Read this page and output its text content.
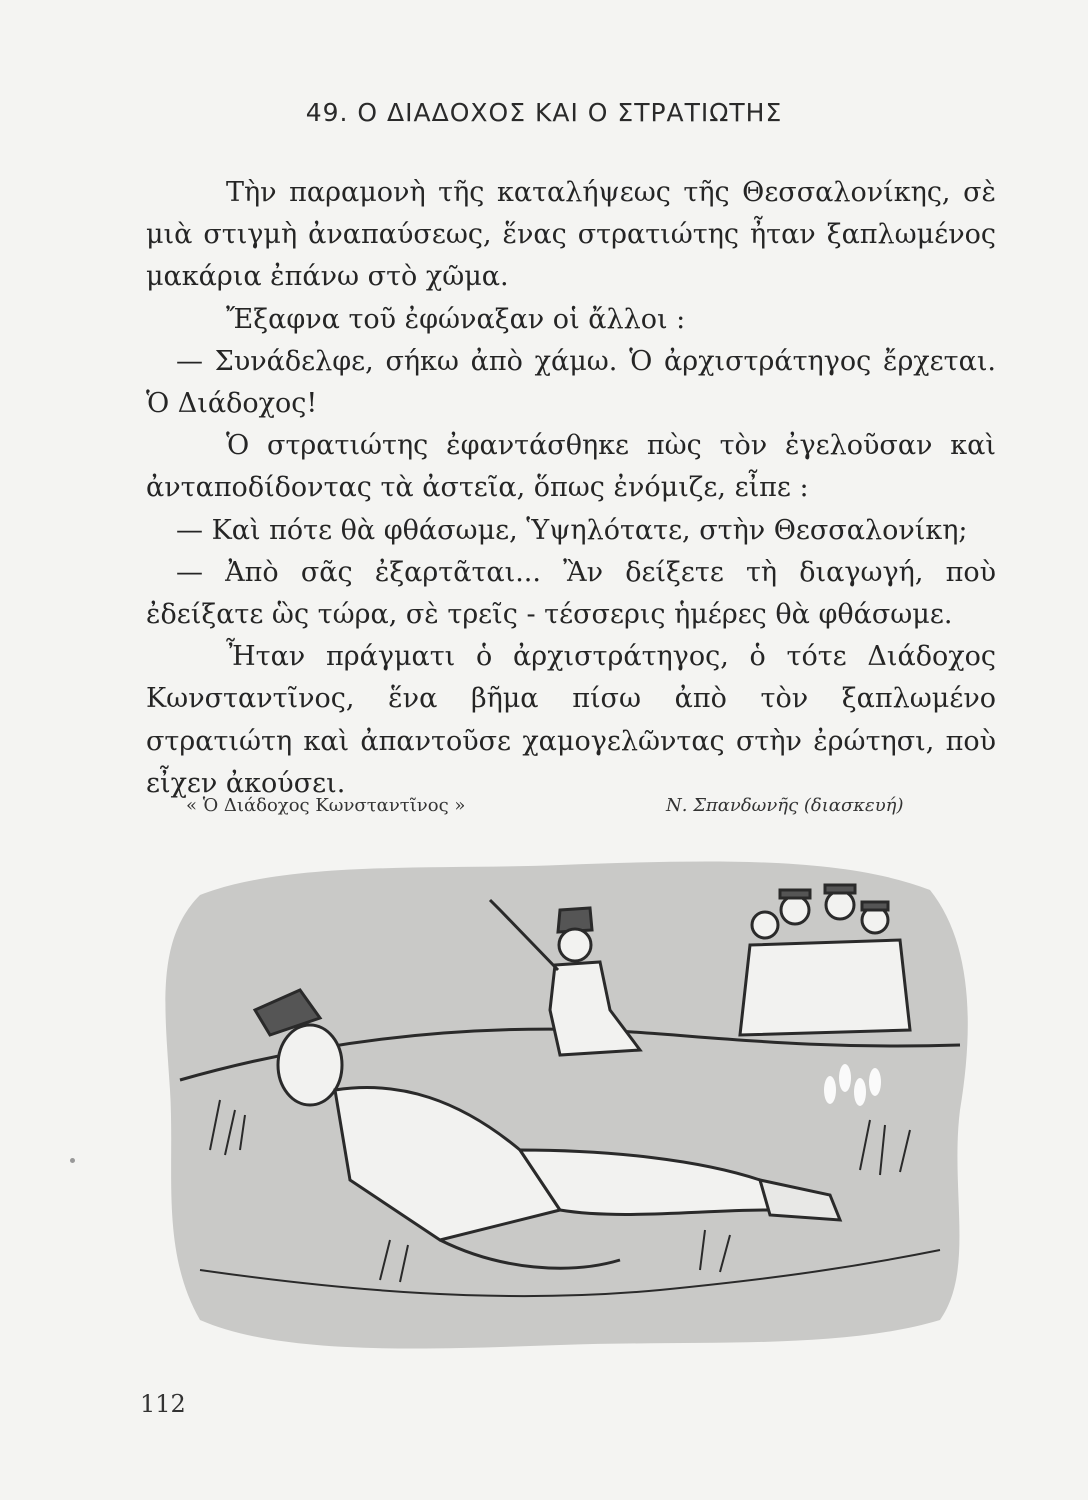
49. Ο ΔΙΑΔΟΧΟΣ ΚΑΙ Ο ΣΤΡΑΤΙΩΤΗΣ

Τὴν παραμονὴ τῆς καταλήψεως τῆς Θεσσαλονίκης, σὲ μιὰ στιγμὴ ἀναπαύσεως, ἕνας στρατιώτης ἦταν ξαπλωμένος μακάρια ἐπάνω στὸ χῶμα.

Ἔξαφνα τοῦ ἐφώναξαν οἱ ἄλλοι :

— Συνάδελφε, σήκω ἀπὸ χάμω. Ὁ ἀρχιστράτηγος ἔρχεται. Ὁ Διάδοχος!

Ὁ στρατιώτης ἐφαντάσθηκε πὼς τὸν ἐγελοῦσαν καὶ ἀνταποδίδοντας τὰ ἀστεῖα, ὅπως ἐνόμιζε, εἶπε :

— Καὶ πότε θὰ φθάσωμε, Ὑψηλότατε, στὴν Θεσσαλονίκη;

— Ἀπὸ σᾶς ἐξαρτᾶται... Ἂν δείξετε τὴ διαγωγή, ποὺ ἐδείξατε ὣς τώρα, σὲ τρεῖς - τέσσερις ἡμέρες θὰ φθάσωμε.

Ἦταν πράγματι ὁ ἀρχιστράτηγος, ὁ τότε Διάδοχος Κωνσταντῖνος, ἕνα βῆμα πίσω ἀπὸ τὸν ξαπλωμένο στρατιώτη καὶ ἀπαντοῦσε χαμογελῶντας στὴν ἐρώτησι, ποὺ εἶχεν ἀκούσει.

« Ὁ Διάδοχος Κωνσταντῖνος »	Ν. Σπανδωνῆς (διασκευή)
112
